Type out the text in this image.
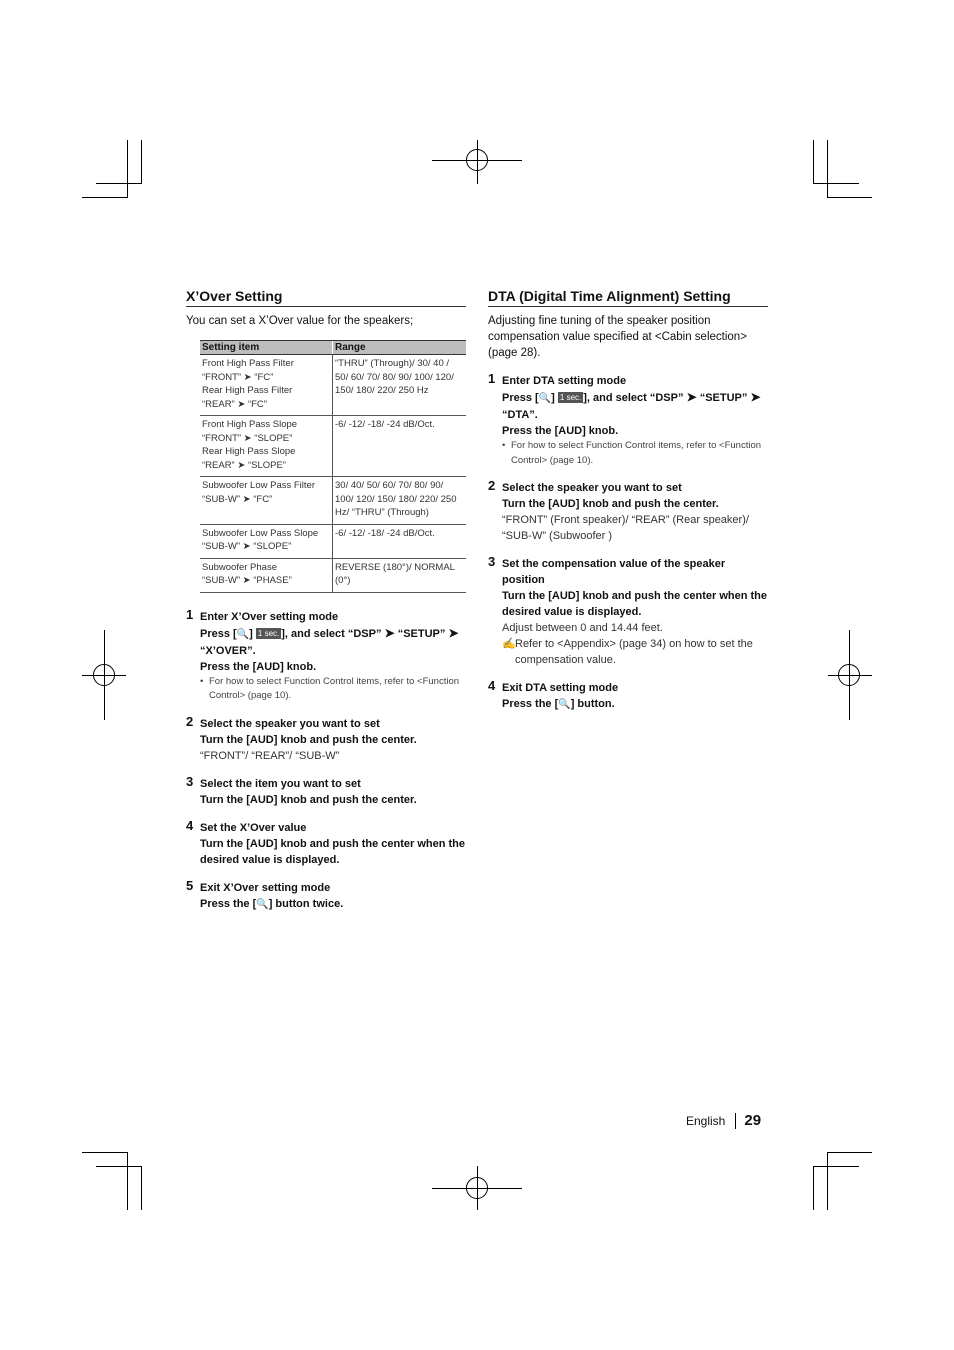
X’Over Setting
You can set a X’Over value for the speakers;
Setting item	Range

Front High Pass Filter
“FRONT” ➤ “FC”
Rear High Pass Filter
“REAR” ➤ “FC”	“THRU” (Through)/ 30/ 40 / 50/ 60/ 70/ 80/ 90/ 100/ 120/ 150/ 180/ 220/ 250 Hz

Front High Pass Slope
“FRONT” ➤ “SLOPE”
Rear High Pass Slope
“REAR” ➤ “SLOPE”	-6/ -12/ -18/ -24 dB/Oct.

Subwoofer Low Pass Filter
“SUB-W” ➤ “FC”	30/ 40/ 50/ 60/ 70/ 80/ 90/ 100/ 120/ 150/ 180/ 220/ 250 Hz/ “THRU” (Through)

Subwoofer Low Pass Slope
“SUB-W” ➤ “SLOPE”	-6/ -12/ -18/ -24 dB/Oct.

Subwoofer Phase
“SUB-W” ➤ “PHASE”	REVERSE (180°)/ NORMAL (0°)
1 Enter X’Over setting mode
Press [🔍] 1 sec. ], and select “DSP” ➤ “SETUP” ➤ “X’OVER”.
Press the [AUD] knob.
• For how to select Function Control items, refer to <Function Control> (page 10).
2 Select the speaker you want to set
Turn the [AUD] knob and push the center.
“FRONT”/ “REAR”/ “SUB-W”
3 Select the item you want to set
Turn the [AUD] knob and push the center.
4 Set the X’Over value
Turn the [AUD] knob and push the center when the desired value is displayed.
5 Exit X’Over setting mode
Press the [🔍] button twice.
DTA (Digital Time Alignment) Setting
Adjusting fine tuning of the speaker position compensation value specified at <Cabin selection> (page 28).
1 Enter DTA setting mode
Press [🔍] 1 sec. ], and select “DSP” ➤ “SETUP” ➤ “DTA”.
Press the [AUD] knob.
• For how to select Function Control items, refer to <Function Control> (page 10).
2 Select the speaker you want to set
Turn the [AUD] knob and push the center.
“FRONT” (Front speaker)/ “REAR” (Rear speaker)/ “SUB-W” (Subwoofer )
3 Set the compensation value of the speaker position
Turn the [AUD] knob and push the center when the desired value is displayed.
Adjust between 0 and 14.44 feet.
✍ Refer to <Appendix> (page 34) on how to set the compensation value.
4 Exit DTA setting mode
Press the [🔍] button.
English 29
